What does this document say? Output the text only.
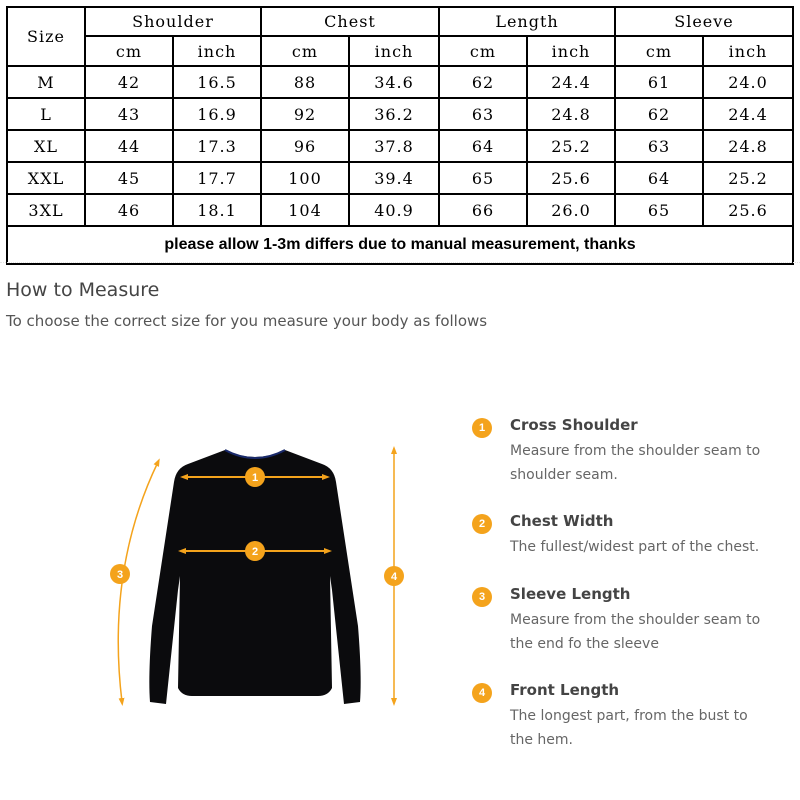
Size	Shoulder		Chest		Length		Sleeve	
	cm	inch	cm	inch	cm	inch	cm	inch
M	42	16.5	88	34.6	62	24.4	61	24.0
L	43	16.9	92	36.2	63	24.8	62	24.4
XL	44	17.3	96	37.8	64	25.2	63	24.8
XXL	45	17.7	100	39.4	65	25.6	64	25.2
3XL	46	18.1	104	40.9	66	26.0	65	25.6
please allow 1-3m differs due to manual measurement, thanks								
How to Measure
To choose the correct size for you measure your body as follows
1
2
3	4
1	Cross Shoulder
Measure from the shoulder seam to shoulder seam.
2	Chest Width
The fullest/widest part of the chest.
3	Sleeve Length
Measure from the shoulder seam to the end fo the sleeve
4	Front Length
The longest part, from the bust to the hem.
